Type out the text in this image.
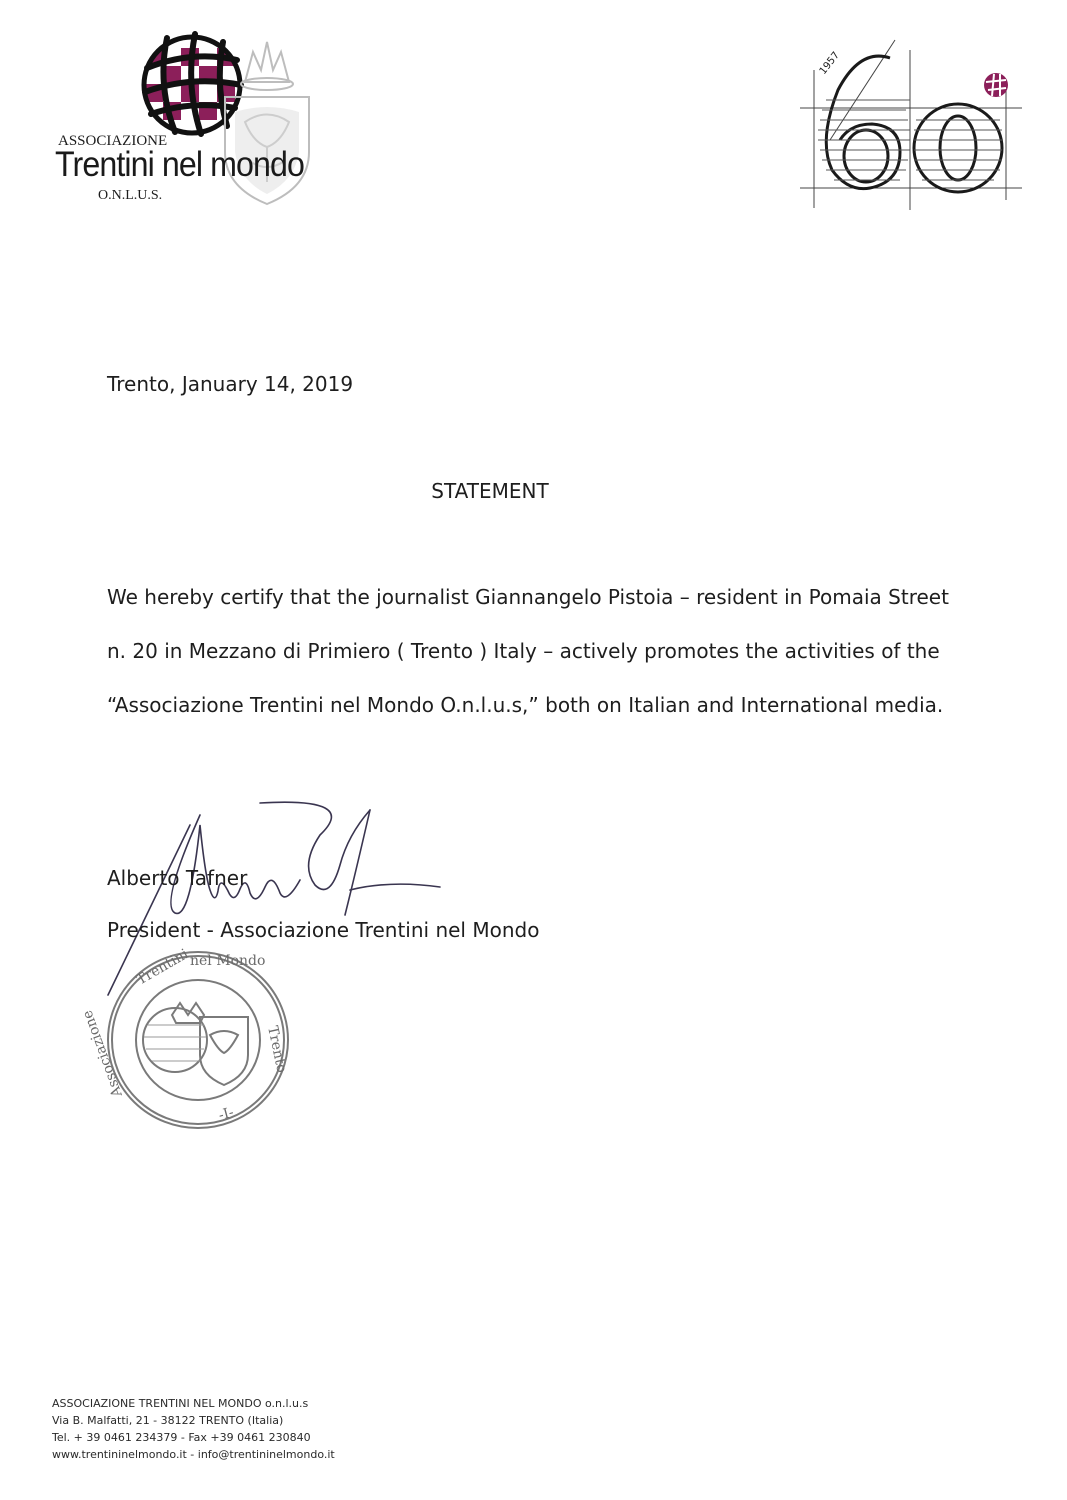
ASSOCIAZIONE
Trentini nel mondo
O.N.L.U.S.
1957
Trento, January 14, 2019
STATEMENT
We hereby certify that the journalist Giannangelo Pistoia – resident in Pomaia Street
n. 20 in Mezzano di Primiero ( Trento ) Italy – actively promotes the activities of the
“Associazione Trentini nel Mondo O.n.l.u.s,” both on Italian and International media.
Alberto Tafner
President - Associazione Trentini nel Mondo
Trentini
nel Mondo
Trento
Associazione
-I-
ASSOCIAZIONE TRENTINI NEL MONDO o.n.l.u.s
Via B. Malfatti, 21 - 38122 TRENTO (Italia)
Tel. + 39 0461 234379 - Fax +39 0461 230840
www.trentininelmondo.it - info@trentininelmondo.it
